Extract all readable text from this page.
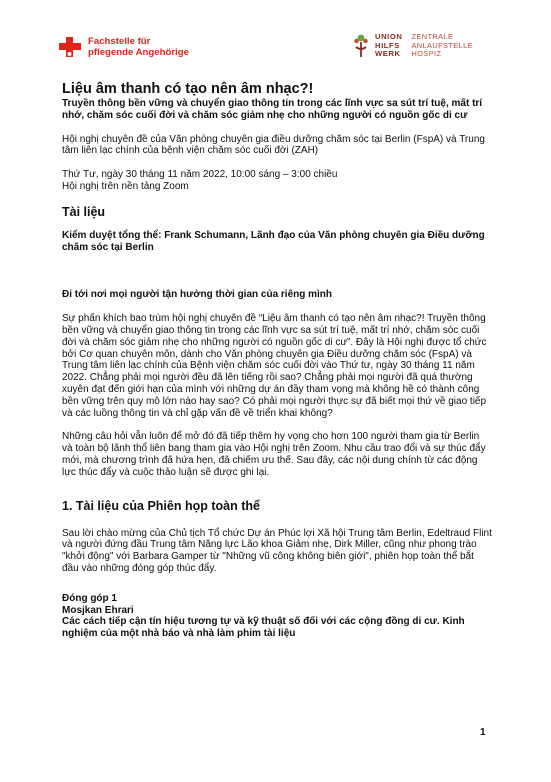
Fachstelle für
pflegende Angehörige
UNION
HILFS
WERK
ZENTRALE
ANLAUFSTELLE
HOSPIZ
Liệu âm thanh có tạo nên âm nhạc?!

Truyền thông bền vững và chuyển giao thông tin trong các lĩnh vực sa sút trí tuệ, mất trí nhớ, chăm sóc cuối đời và chăm sóc giảm nhẹ cho những người có nguồn gốc di cư

Hội nghị chuyên đề của Văn phòng chuyên gia điều dưỡng chăm sóc tại Berlin (FspA) và Trung tâm liên lạc chính của bệnh viện chăm sóc cuối đời (ZAH)

Thứ Tư, ngày 30 tháng 11 năm 2022, 10:00 sáng – 3:00 chiều

Hội nghị trên nền tảng Zoom

Tài liệu

Kiểm duyệt tổng thể: Frank Schumann, Lãnh đạo của Văn phòng chuyên gia Điều dưỡng chăm sóc tại Berlin

Đi tới nơi mọi người tận hưởng thời gian của riêng mình

Sự phấn khích bao trùm hội nghị chuyên đề “Liệu âm thanh có tạo nên âm nhạc?! Truyền thông bền vững và chuyển giao thông tin trong các lĩnh vực sa sút trí tuệ, mất trí nhớ, chăm sóc cuối đời và chăm sóc giảm nhẹ cho những người có nguồn gốc di cư”. Đây là Hội nghị được tổ chức bởi Cơ quan chuyên môn, dành cho Văn phòng chuyên gia Điều dưỡng chăm sóc (FspA) và Trung tâm liên lạc chính của Bệnh viện chăm sóc cuối đời vào Thứ tư, ngày 30 tháng 11 năm 2022. Chẳng phải mọi người đều đã lên tiếng rồi sao? Chẳng phải mọi người đã quá thường xuyên đạt đến giới hạn của mình với những dự án đầy tham vọng mà không hề có thành công bền vững trên quy mô lớn nào hay sao? Có phải mọi người thực sự đã biết mọi thứ về giao tiếp và các luồng thông tin và chỉ gặp vấn đề về triển khai không?

Những câu hỏi vẫn luôn để mở đó đã tiếp thêm hy vọng cho hơn 100 người tham gia từ Berlin và toàn bộ lãnh thổ liên bang tham gia vào Hội nghị trên Zoom. Nhu cầu trao đổi và sự thúc đẩy mới, mà chương trình đã hứa hẹn, đã chiếm ưu thế. Sau đây, các nội dung chính từ các động lực thúc đẩy và cuộc thảo luận sẽ được ghi lại.

1. Tài liệu của Phiên họp toàn thể

Sau lời chào mừng của Chủ tịch Tổ chức Dự án Phúc lợi Xã hội Trung tâm Berlin, Edeltraud Flint và người đứng đầu Trung tâm Năng lực Lão khoa Giảm nhẹ, Dirk Miller, cũng như phong trào "khởi động" với Barbara Gamper từ "Những vũ công không biên giới", phiên họp toàn thể bắt đầu vào những đóng góp thúc đẩy.

Đóng góp 1

Mosjkan Ehrari

Các cách tiếp cận tín hiệu tương tự và kỹ thuật số đối với các cộng đồng di cư. Kinh nghiệm của một nhà báo và nhà làm phim tài liệu

1
